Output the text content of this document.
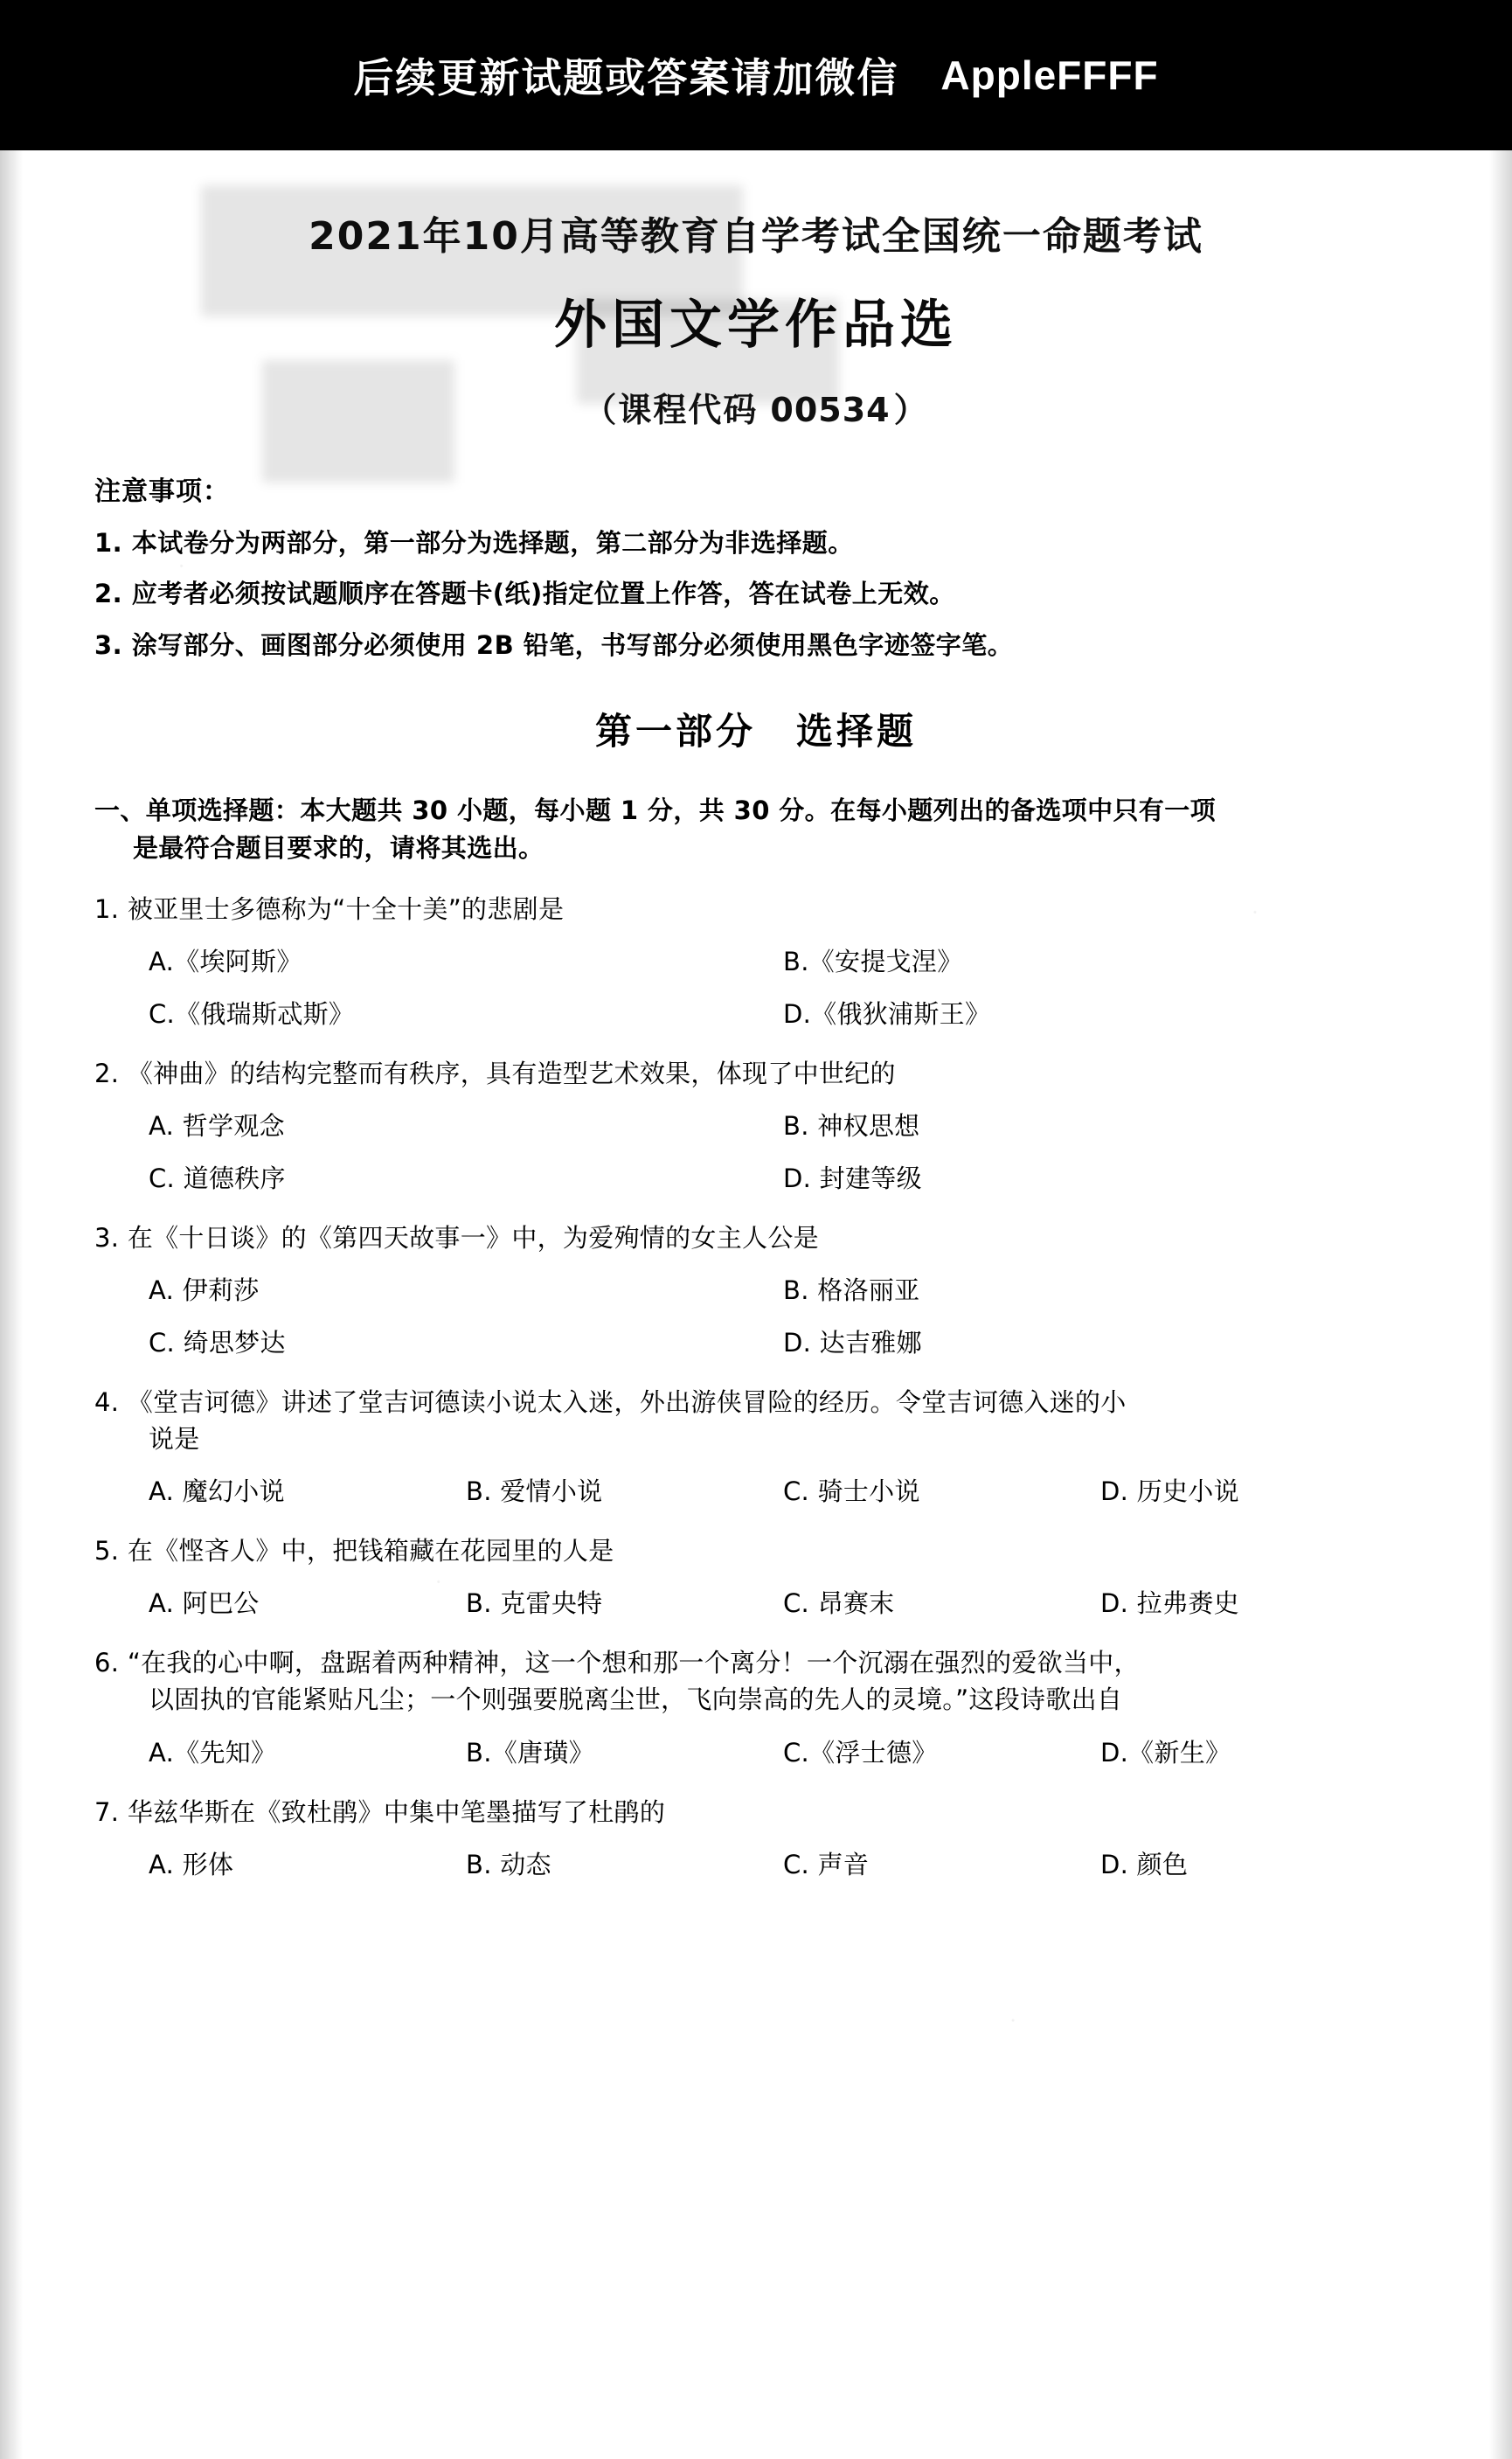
后续更新试题或答案请加微信 AppleFFFF
2021年10月高等教育自学考试全国统一命题考试
外国文学作品选
（课程代码 00534 ）
注意事项：
1. 本试卷分为两部分，第一部分为选择题，第二部分为非选择题。
2. 应考者必须按试题顺序在答题卡(纸)指定位置上作答，答在试卷上无效。
3. 涂写部分、画图部分必须使用 2B 铅笔，书写部分必须使用黑色字迹签字笔。
第一部分 选择题
一、单项选择题：本大题共 30 小题，每小题 1 分，共 30 分。在每小题列出的备选项中只有一项
是最符合题目要求的，请将其选出。
1. 被亚里士多德称为“十全十美”的悲剧是
A.《埃阿斯》	B.《安提戈涅》
C.《俄瑞斯忒斯》	D.《俄狄浦斯王》
2. 《神曲》的结构完整而有秩序，具有造型艺术效果，体现了中世纪的
A. 哲学观念	B. 神权思想
C. 道德秩序	D. 封建等级
3. 在《十日谈》的《第四天故事一》中，为爱殉情的女主人公是
A. 伊莉莎	B. 格洛丽亚
C. 绮思梦达	D. 达吉雅娜
4. 《堂吉诃德》讲述了堂吉诃德读小说太入迷，外出游侠冒险的经历。令堂吉诃德入迷的小
说是
A. 魔幻小说	B. 爱情小说	C. 骑士小说	D. 历史小说
5. 在《悭吝人》中，把钱箱藏在花园里的人是
A. 阿巴公	B. 克雷央特	C. 昂赛末	D. 拉弗赉史
6. “在我的心中啊，盘踞着两种精神，这一个想和那一个离分！一个沉溺在强烈的爱欲当中，
以固执的官能紧贴凡尘；一个则强要脱离尘世，飞向崇高的先人的灵境。”这段诗歌出自
A.《先知》	B.《唐璜》	C.《浮士德》	D.《新生》
7. 华兹华斯在《致杜鹃》中集中笔墨描写了杜鹃的
A. 形体	B. 动态	C. 声音	D. 颜色
